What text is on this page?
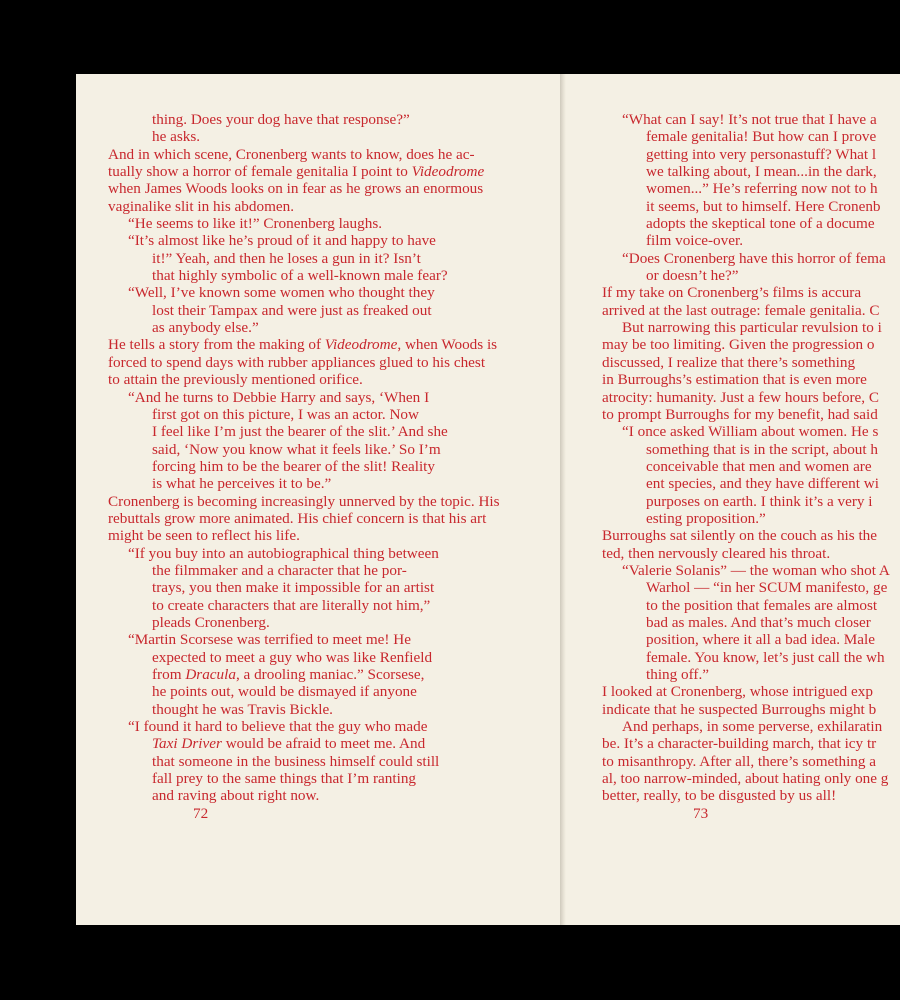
thing. Does your dog have that response?”
he asks.
And in which scene, Cronenberg wants to know, does he ac-
tually show a horror of female genitalia I point to Videodrome
when James Woods looks on in fear as he grows an enormous
vaginalike slit in his abdomen.
“He seems to like it!” Cronenberg laughs.
“It’s almost like he’s proud of it and happy to have
it!” Yeah, and then he loses a gun in it? Isn’t
that highly symbolic of a well-known male fear?
“Well, I’ve known some women who thought they
lost their Tampax and were just as freaked out
as anybody else.”
He tells a story from the making of Videodrome, when Woods is
forced to spend days with rubber appliances glued to his chest
to attain the previously mentioned orifice.
“And he turns to Debbie Harry and says, ‘When I
first got on this picture, I was an actor. Now
I feel like I’m just the bearer of the slit.’ And she
said, ‘Now you know what it feels like.’ So I’m
forcing him to be the bearer of the slit! Reality
is what he perceives it to be.”
Cronenberg is becoming increasingly unnerved by the topic. His
rebuttals grow more animated. His chief concern is that his art
might be seen to reflect his life.
“If you buy into an autobiographical thing between
the filmmaker and a character that he por-
trays, you then make it impossible for an artist
to create characters that are literally not him,”
pleads Cronenberg.
“Martin Scorsese was terrified to meet me! He
expected to meet a guy who was like Renfield
from Dracula, a drooling maniac.” Scorsese,
he points out, would be dismayed if anyone
thought he was Travis Bickle.
“I found it hard to believe that the guy who made
Taxi Driver would be afraid to meet me. And
that someone in the business himself could still
fall prey to the same things that I’m ranting
and raving about right now.
72
“What can I say! It’s not true that I have a
female genitalia! But how can I prove
getting into very personastuff? What l
we talking about, I mean...in the dark,
women...” He’s referring now not to h
it seems, but to himself. Here Cronenb
adopts the skeptical tone of a docume
film voice-over.
“Does Cronenberg have this horror of fema
or doesn’t he?”
If my take on Cronenberg’s films is accura
arrived at the last outrage: female genitalia. C
But narrowing this particular revulsion to i
may be too limiting. Given the progression o
discussed, I realize that there’s something
in Burroughs’s estimation that is even more
atrocity: humanity. Just a few hours before, C
to prompt Burroughs for my benefit, had said
“I once asked William about women. He s
something that is in the script, about h
conceivable that men and women are
ent species, and they have different wi
purposes on earth. I think it’s a very i
esting proposition.”
Burroughs sat silently on the couch as his the
ted, then nervously cleared his throat.
“Valerie Solanis” — the woman who shot A
Warhol — “in her SCUM manifesto, ge
to the position that females are almost
bad as males. And that’s much closer
position, where it all a bad idea. Male
female. You know, let’s just call the wh
thing off.”
I looked at Cronenberg, whose intrigued exp
indicate that he suspected Burroughs might b
And perhaps, in some perverse, exhilaratin
be. It’s a character-building march, that icy tr
to misanthropy. After all, there’s something a
al, too narrow-minded, about hating only one g
better, really, to be disgusted by us all!
73
